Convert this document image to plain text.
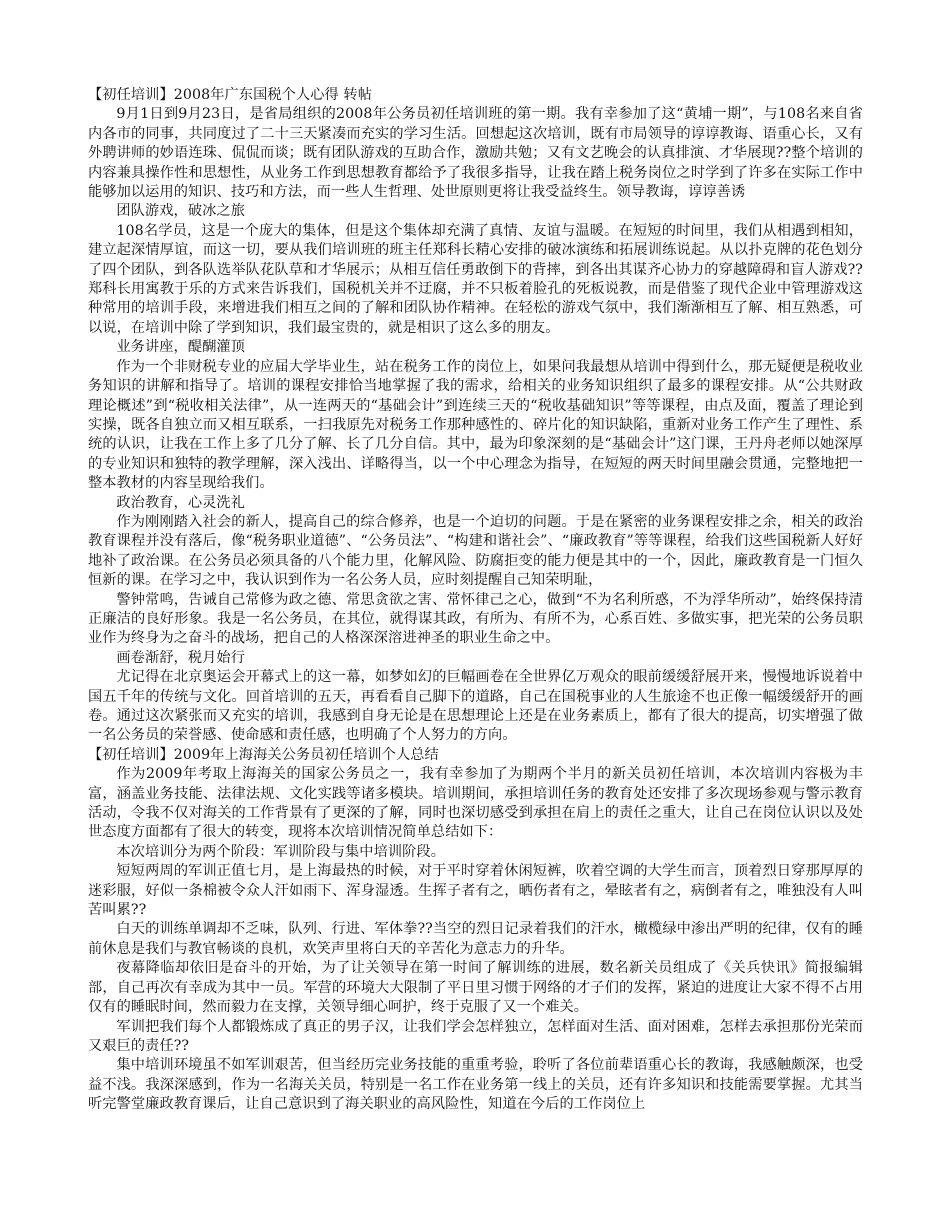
【初任培训】2008年广东国税个人心得 转帖

9月1日到9月23日，是省局组织的2008年公务员初任培训班的第一期。我有幸参加了这“黄埔一期”，与108名来自省内各市的同事，共同度过了二十三天紧凑而充实的学习生活。回想起这次培训，既有市局领导的谆谆教诲、语重心长，又有外聘讲师的妙语连珠、侃侃而谈；既有团队游戏的互助合作，激励共勉；又有文艺晚会的认真排演、才华展现??整个培训的内容兼具操作性和思想性，从业务工作到思想教育都给予了我很多指导，让我在踏上税务岗位之时学到了许多在实际工作中能够加以运用的知识、技巧和方法，而一些人生哲理、处世原则更将让我受益终生。领导教诲，谆谆善诱

团队游戏，破冰之旅

108名学员，这是一个庞大的集体，但是这个集体却充满了真情、友谊与温暖。在短短的时间里，我们从相遇到相知，建立起深情厚谊，而这一切，要从我们培训班的班主任郑科长精心安排的破冰演练和拓展训练说起。从以扑克牌的花色划分了四个团队，到各队选举队花队草和才华展示；从相互信任勇敢倒下的背摔，到各出其谋齐心协力的穿越障碍和盲人游戏??郑科长用寓教于乐的方式来告诉我们，国税机关并不迂腐，并不只板着脸孔的死板说教，而是借鉴了现代企业中管理游戏这种常用的培训手段，来增进我们相互之间的了解和团队协作精神。在轻松的游戏气氛中，我们渐渐相互了解、相互熟悉，可以说，在培训中除了学到知识，我们最宝贵的，就是相识了这么多的朋友。

业务讲座，醍醐灌顶

作为一个非财税专业的应届大学毕业生，站在税务工作的岗位上，如果问我最想从培训中得到什么，那无疑便是税收业务知识的讲解和指导了。培训的课程安排恰当地掌握了我的需求，给相关的业务知识组织了最多的课程安排。从“公共财政理论概述”到“税收相关法律”，从一连两天的“基础会计”到连续三天的“税收基础知识”等等课程，由点及面，覆盖了理论到实操，既各自独立而又相互联系，一扫我原先对税务工作那种感性的、碎片化的知识缺陷，重新对业务工作产生了理性、系统的认识，让我在工作上多了几分了解、长了几分自信。其中，最为印象深刻的是“基础会计”这门课，王丹舟老师以她深厚的专业知识和独特的教学理解，深入浅出、详略得当，以一个中心理念为指导，在短短的两天时间里融会贯通，完整地把一整本教材的内容呈现给我们。

政治教育，心灵洗礼

作为刚刚踏入社会的新人，提高自己的综合修养，也是一个迫切的问题。于是在紧密的业务课程安排之余，相关的政治教育课程并没有落后，像“税务职业道德”、“公务员法”、“构建和谐社会”、“廉政教育”等等课程，给我们这些国税新人好好地补了政治课。在公务员必须具备的八个能力里，化解风险、防腐拒变的能力便是其中的一个，因此，廉政教育是一门恒久恒新的课。在学习之中，我认识到作为一名公务人员，应时刻提醒自己知荣明耻，

警钟常鸣，告诫自己常修为政之德、常思贪欲之害、常怀律己之心，做到“不为名利所惑，不为浮华所动”，始终保持清正廉洁的良好形象。我是一名公务员，在其位，就得谋其政，有所为、有所不为，心系百姓、多做实事，把光荣的公务员职业作为终身为之奋斗的战场，把自己的人格深深溶进神圣的职业生命之中。

画卷渐舒，税月始行

尤记得在北京奥运会开幕式上的这一幕，如梦如幻的巨幅画卷在全世界亿万观众的眼前缓缓舒展开来，慢慢地诉说着中国五千年的传统与文化。回首培训的五天，再看看自己脚下的道路，自己在国税事业的人生旅途不也正像一幅缓缓舒开的画卷。通过这次紧张而又充实的培训，我感到自身无论是在思想理论上还是在业务素质上，都有了很大的提高，切实增强了做一名公务员的荣誉感、使命感和责任感，也明确了个人努力的方向。

【初任培训】2009年上海海关公务员初任培训个人总结

作为2009年考取上海海关的国家公务员之一，我有幸参加了为期两个半月的新关员初任培训，本次培训内容极为丰富，涵盖业务技能、法律法规、文化实践等诸多模块。培训期间，承担培训任务的教育处还安排了多次现场参观与警示教育活动，令我不仅对海关的工作背景有了更深的了解，同时也深切感受到承担在肩上的责任之重大，让自己在岗位认识以及处世态度方面都有了很大的转变，现将本次培训情况简单总结如下：

本次培训分为两个阶段：军训阶段与集中培训阶段。

短短两周的军训正值七月，是上海最热的时候，对于平时穿着休闲短裤，吹着空调的大学生而言，顶着烈日穿那厚厚的迷彩服，好似一条棉被令众人汗如雨下、浑身湿透。生挥子者有之，晒伤者有之，晕眩者有之，病倒者有之，唯独没有人叫苦叫累??

白天的训练单调却不乏味，队列、行进、军体拳??当空的烈日记录着我们的汗水，橄榄绿中渗出严明的纪律，仅有的睡前休息是我们与教官畅谈的良机，欢笑声里将白天的辛苦化为意志力的升华。

夜幕降临却依旧是奋斗的开始，为了让关领导在第一时间了解训练的进展，数名新关员组成了《关兵快讯》简报编辑部，自己再次有幸成为其中一员。军营的环境大大限制了平日里习惯于网络的才子们的发挥，紧迫的进度让大家不得不占用仅有的睡眠时间，然而毅力在支撑，关领导细心呵护，终于克服了又一个难关。

军训把我们每个人都锻炼成了真正的男子汉，让我们学会怎样独立，怎样面对生活、面对困难，怎样去承担那份光荣而又艰巨的责任??

集中培训环境虽不如军训艰苦，但当经历完业务技能的重重考验，聆听了各位前辈语重心长的教诲，我感触颇深，也受益不浅。我深深感到，作为一名海关关员，特别是一名工作在业务第一线上的关员，还有许多知识和技能需要掌握。尤其当听完警堂廉政教育课后，让自己意识到了海关职业的高风险性，知道在今后的工作岗位上
